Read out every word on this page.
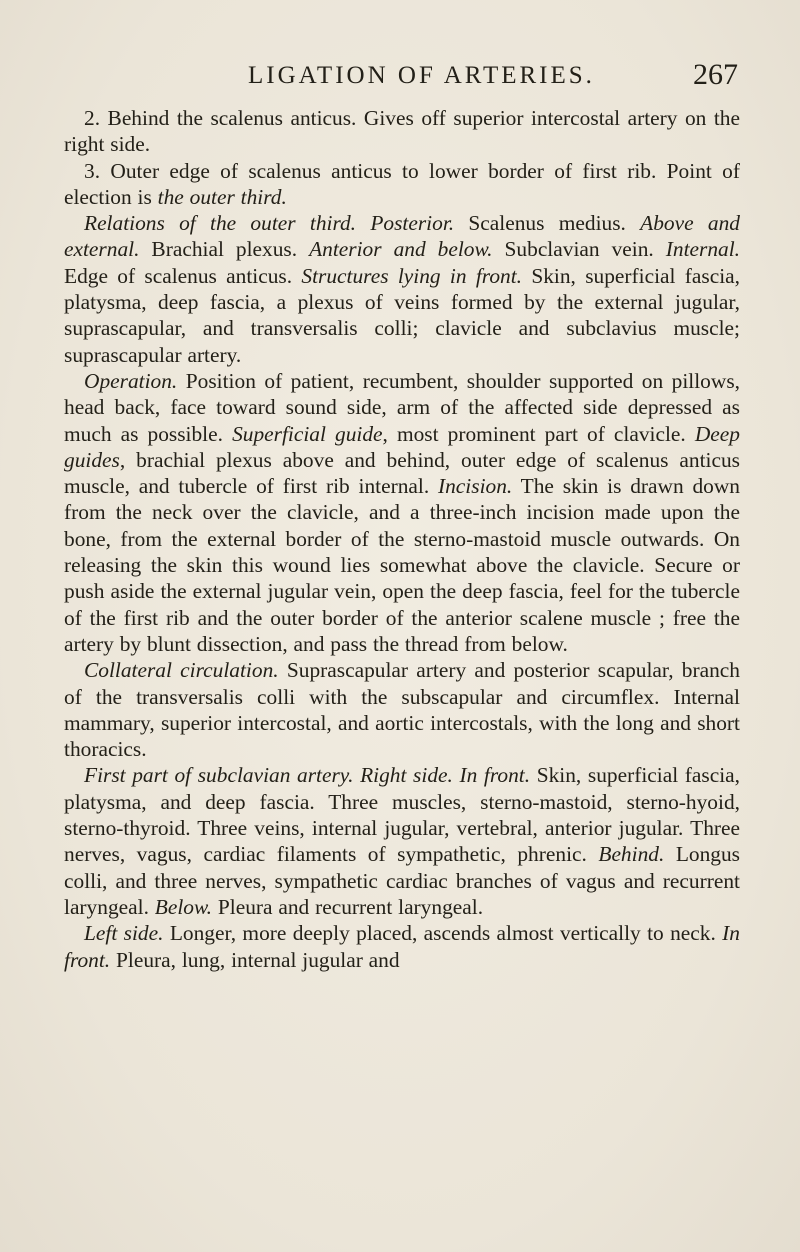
LIGATION OF ARTERIES.	267

2. Behind the scalenus anticus. Gives off superior intercostal artery on the right side.

3. Outer edge of scalenus anticus to lower border of first rib. Point of election is the outer third.

Relations of the outer third. Posterior. Scalenus medius. Above and external. Brachial plexus. Anterior and below. Subclavian vein. Internal. Edge of scalenus anticus. Structures lying in front. Skin, superficial fascia, platysma, deep fascia, a plexus of veins formed by the external jugular, suprascapular, and transversalis colli; clavicle and subclavius muscle; suprascapular artery.

Operation. Position of patient, recumbent, shoulder supported on pillows, head back, face toward sound side, arm of the affected side depressed as much as possible. Superficial guide, most prominent part of clavicle. Deep guides, brachial plexus above and behind, outer edge of scalenus anticus muscle, and tubercle of first rib internal. Incision. The skin is drawn down from the neck over the clavicle, and a three-inch incision made upon the bone, from the external border of the sterno-mastoid muscle outwards. On releasing the skin this wound lies somewhat above the clavicle. Secure or push aside the external jugular vein, open the deep fascia, feel for the tubercle of the first rib and the outer border of the anterior scalene muscle ; free the artery by blunt dissection, and pass the thread from below.

Collateral circulation. Suprascapular artery and posterior scapular, branch of the transversalis colli with the subscapular and circumflex. Internal mammary, superior intercostal, and aortic intercostals, with the long and short thoracics.

First part of subclavian artery. Right side. In front. Skin, superficial fascia, platysma, and deep fascia. Three muscles, sterno-mastoid, sterno-hyoid, sterno-thyroid. Three veins, internal jugular, vertebral, anterior jugular. Three nerves, vagus, cardiac filaments of sympathetic, phrenic. Behind. Longus colli, and three nerves, sympathetic cardiac branches of vagus and recurrent laryngeal. Below. Pleura and recurrent laryngeal.

Left side. Longer, more deeply placed, ascends almost vertically to neck. In front. Pleura, lung, internal jugular and
